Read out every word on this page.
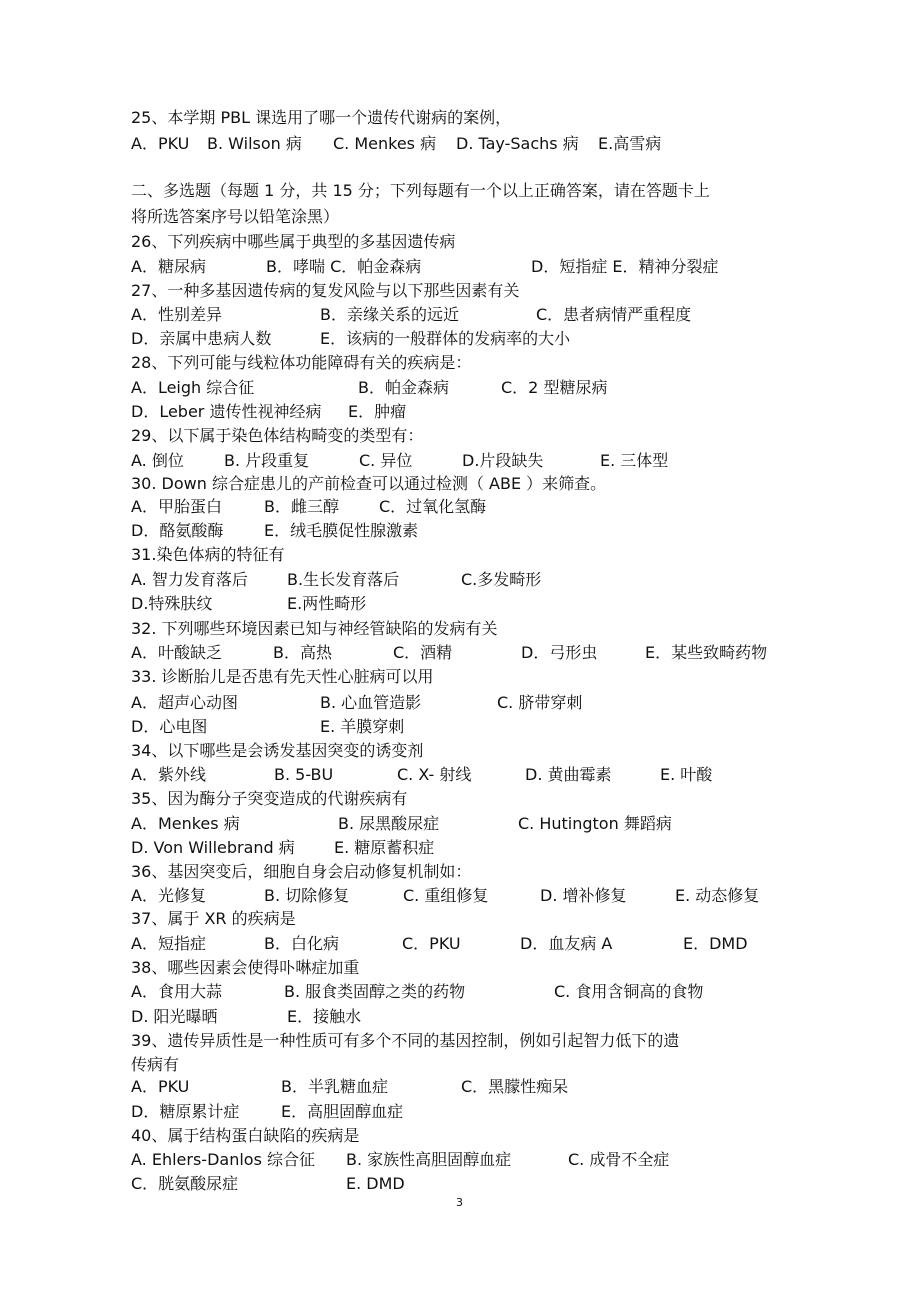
25、本学期 PBL 课选用了哪一个遗传代谢病的案例，
A．PKU B. Wilson 病 C. Menkes 病 D. Tay-Sachs 病 E.高雪病
二、多选题（每题 1 分，共 15 分；下列每题有一个以上正确答案，请在答题卡上
将所选答案序号以铅笔涂黑）
26、下列疾病中哪些属于典型的多基因遗传病
A．糖尿病	B．哮喘 C．帕金森病	D．短指症 E．精神分裂症
27、一种多基因遗传病的复发风险与以下那些因素有关
A．性别差异	B．亲缘关系的远近	C．患者病情严重程度
D．亲属中患病人数	E．该病的一般群体的发病率的大小
28、下列可能与线粒体功能障碍有关的疾病是：
A．Leigh 综合征	B．帕金森病	C．2 型糖尿病
D．Leber 遗传性视神经病 E．肿瘤
29、以下属于染色体结构畸变的类型有：
A. 倒位	B. 片段重复	C. 异位	D.片段缺失	E. 三体型
30. Down 综合症患儿的产前检查可以通过检测（ ABE ）来筛查。
A．甲胎蛋白	B．雌三醇	C．过氧化氢酶
D．酪氨酸酶	E．绒毛膜促性腺激素
31.染色体病的特征有
A. 智力发育落后 B.生长发育落后	C.多发畸形
D.特殊肤纹	E.两性畸形
32. 下列哪些环境因素已知与神经管缺陷的发病有关
A．叶酸缺乏	B．高热	C．酒精	D．弓形虫	E．某些致畸药物
33. 诊断胎儿是否患有先天性心脏病可以用
A．超声心动图	B. 心血管造影	C. 脐带穿刺
D．心电图	E. 羊膜穿刺
34、以下哪些是会诱发基因突变的诱变剂
A．紫外线	B. 5-BU	C. X- 射线	D. 黄曲霉素	E. 叶酸
35、因为酶分子突变造成的代谢疾病有
A．Menkes 病	B. 尿黑酸尿症	C. Hutington 舞蹈病
D. Von Willebrand 病 E. 糖原蓄积症
36、基因突变后，细胞自身会启动修复机制如：
A．光修复	B. 切除修复	C. 重组修复	D. 增补修复	E. 动态修复
37、属于 XR 的疾病是
A．短指症	B．白化病	C．PKU	D．血友病 A	E．DMD
38、哪些因素会使得卟啉症加重
A．食用大蒜	B. 服食类固醇之类的药物	C. 食用含铜高的食物
D. 阳光曝晒	E．接触水
39、遗传异质性是一种性质可有多个不同的基因控制，例如引起智力低下的遗
传病有
A．PKU	B．半乳糖血症	C．黑朦性痴呆
D．糖原累计症	E．高胆固醇血症
40、属于结构蛋白缺陷的疾病是
A. Ehlers-Danlos 综合征 B. 家族性高胆固醇血症	C. 成骨不全症
C．胱氨酸尿症	E. DMD
3
